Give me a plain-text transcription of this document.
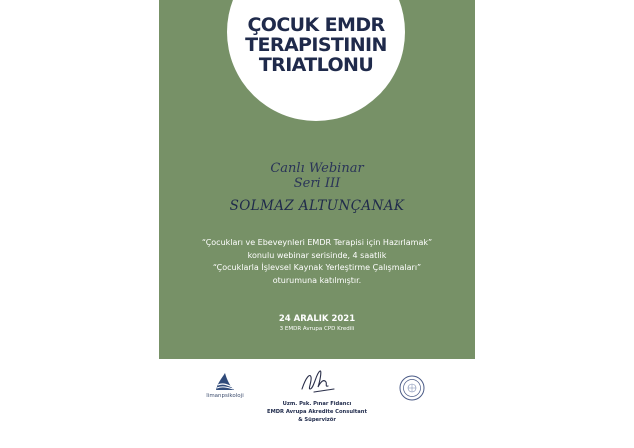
ÇOCUK EMDR
TERAPISTININ
TRIATLONU
Canlı Webinar
Seri III
SOLMAZ ALTUNÇANAK
“Çocukları ve Ebeveynleri EMDR Terapisi için Hazırlamak”
konulu webinar serisinde, 4 saatlik
“Çocuklarla İşlevsel Kaynak Yerleştirme Çalışmaları”
oturumuna katılmıştır.
24 ARALIK 2021
3 EMDR Avrupa CPD Kredili
limanpsikoloji
Uzm. Psk. Pınar Fidancı
EMDR Avrupa Akredite Consultant
& Süpervizör
